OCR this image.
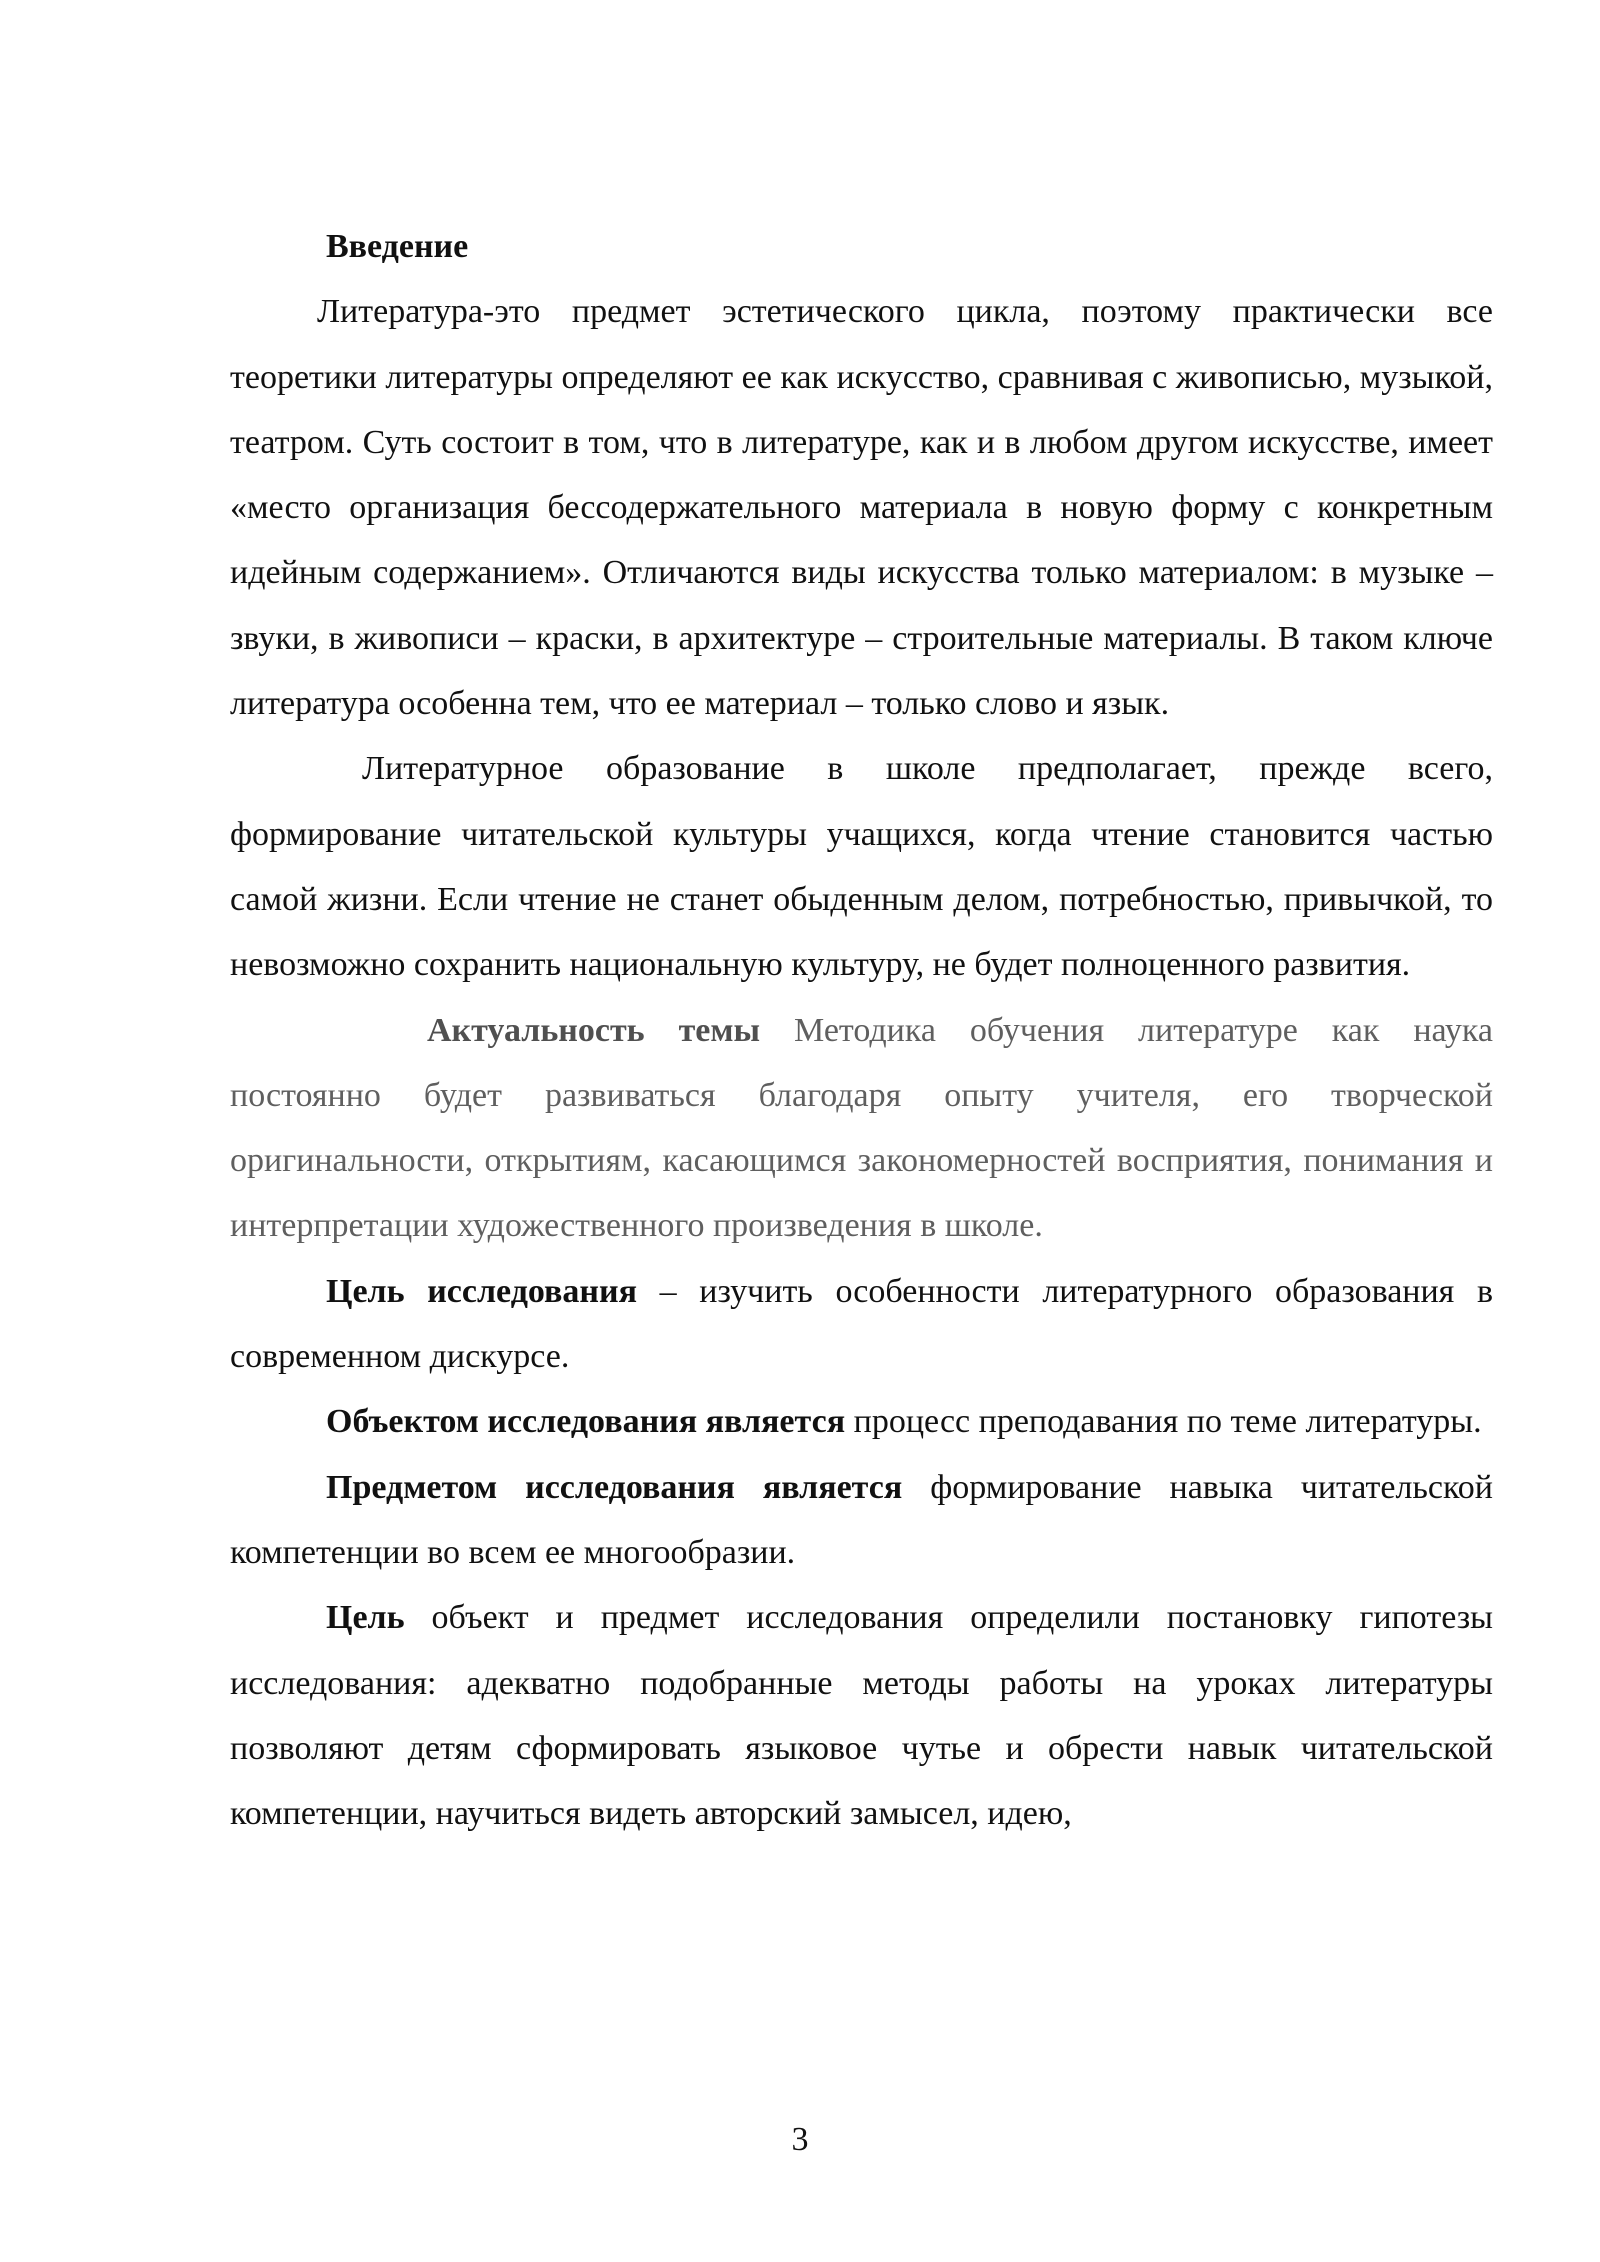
Введение

Литература-это предмет эстетического цикла, поэтому практически все теоретики литературы определяют ее как искусство, сравнивая с живописью, музыкой, театром. Суть состоит в том, что в литературе, как и в любом другом искусстве, имеет «место организация бессодержательного материала в новую форму с конкретным идейным содержанием». Отличаются виды искусства только материалом: в музыке – звуки, в живописи – краски, в архитектуре – строительные материалы. В таком ключе литература особенна тем, что ее материал – только слово и язык.

Литературное образование в школе предполагает, прежде всего, формирование читательской культуры учащихся, когда чтение становится частью самой жизни. Если чтение не станет обыденным делом, потребностью, привычкой, то невозможно сохранить национальную культуру, не будет полноценного развития.

Актуальность темы Методика обучения литературе как наука постоянно будет развиваться благодаря опыту учителя, его творческой оригинальности, открытиям, касающимся закономерностей восприятия, понимания и интерпретации художественного произведения в школе.

Цель исследования – изучить особенности литературного образования в современном дискурсе.

Объектом исследования является процесс преподавания по теме литературы.

Предметом исследования является формирование навыка читательской компетенции во всем ее многообразии.

Цель объект и предмет исследования определили постановку гипотезы исследования: адекватно подобранные методы работы на уроках литературы позволяют детям сформировать языковое чутье и обрести навык читательской компетенции, научиться видеть авторский замысел, идею,

3
